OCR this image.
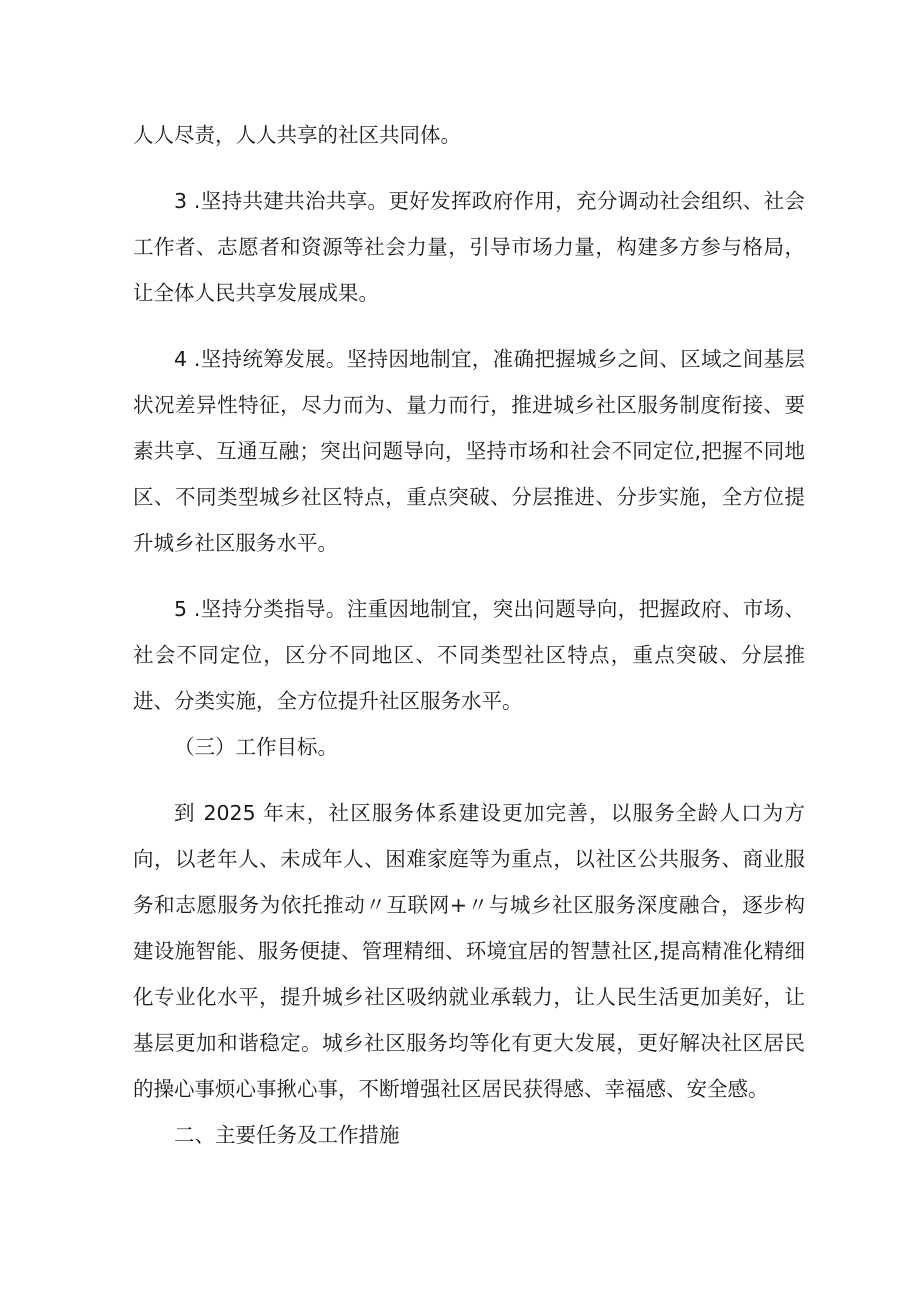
人人尽责，人人共享的社区共同体。

3 .坚持共建共治共享。更好发挥政府作用，充分调动社会组织、社会工作者、志愿者和资源等社会力量，引导市场力量，构建多方参与格局，让全体人民共享发展成果。

4 .坚持统筹发展。坚持因地制宜，准确把握城乡之间、区域之间基层状况差异性特征，尽力而为、量力而行，推进城乡社区服务制度衔接、要素共享、互通互融；突出问题导向，坚持市场和社会不同定位,把握不同地区、不同类型城乡社区特点，重点突破、分层推进、分步实施，全方位提升城乡社区服务水平。

5 .坚持分类指导。注重因地制宜，突出问题导向，把握政府、市场、社会不同定位，区分不同地区、不同类型社区特点，重点突破、分层推进、分类实施，全方位提升社区服务水平。

（三）工作目标。

到 2025 年末，社区服务体系建设更加完善，以服务全龄人口为方向，以老年人、未成年人、困难家庭等为重点，以社区公共服务、商业服务和志愿服务为依托推动〃互联网+〃与城乡社区服务深度融合，逐步构建设施智能、服务便捷、管理精细、环境宜居的智慧社区,提高精准化精细化专业化水平，提升城乡社区吸纳就业承载力，让人民生活更加美好，让基层更加和谐稳定。城乡社区服务均等化有更大发展，更好解决社区居民的操心事烦心事揪心事，不断增强社区居民获得感、幸福感、安全感。

二、主要任务及工作措施
